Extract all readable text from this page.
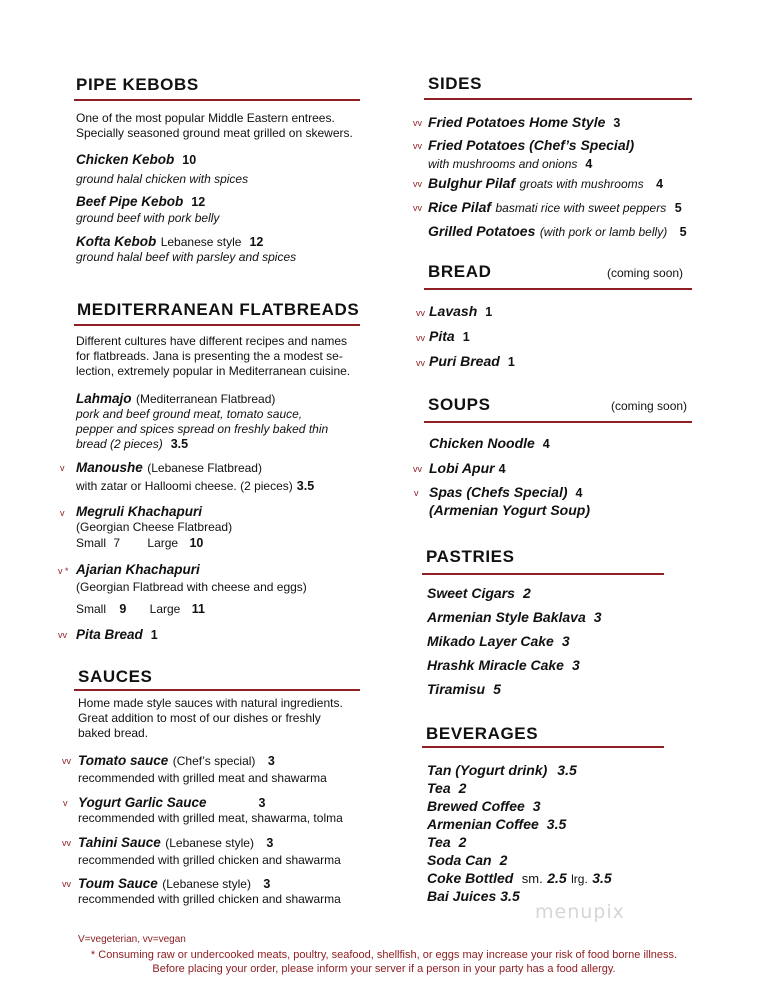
PIPE KEBOBS
One of the most popular Middle Eastern entrees.
Specially seasoned ground meat grilled on skewers.
Chicken Kebob 10
ground halal chicken with spices
Beef Pipe Kebob 12
ground beef with pork belly
Kofta Kebob Lebanese style 12
ground halal beef with parsley and spices
MEDITERRANEAN FLATBREADS
Different cultures have different recipes and names
for flatbreads. Jana is presenting the a modest se-
lection, extremely popular in Mediterranean cuisine.
Lahmajo (Mediterranean Flatbread)
pork and beef ground meat, tomato sauce,
pepper and spices spread on freshly baked thin
bread (2 pieces) 3.5
v Manoushe (Lebanese Flatbread)
with zatar or Halloomi cheese. (2 pieces) 3.5
v Megruli Khachapuri
(Georgian Cheese Flatbread)
Small 7 Large 10
v * Ajarian Khachapuri
(Georgian Flatbread with cheese and eggs)
Small 9 Large 11
vv Pita Bread 1
SAUCES
Home made style sauces with natural ingredients.
Great addition to most of our dishes or freshly
baked bread.
vv Tomato sauce (Chef’s special) 3
recommended with grilled meat and shawarma
v Yogurt Garlic Sauce	3
recommended with grilled meat, shawarma, tolma
vv Tahini Sauce (Lebanese style) 3
recommended with grilled chicken and shawarma
vv Toum Sauce (Lebanese style) 3
recommended with grilled chicken and shawarma
SIDES
vv Fried Potatoes Home Style 3
vv Fried Potatoes (Chef’s Special)
with mushrooms and onions 4
vv Bulghur Pilaf groats with mushrooms 4
vv Rice Pilaf basmati rice with sweet peppers 5
Grilled Potatoes (with pork or lamb belly) 5
BREAD	(coming soon)
vv Lavash 1
vv Pita 1
vv Puri Bread 1
SOUPS	(coming soon)
Chicken Noodle 4
vv Lobi Apur 4
v Spas (Chefs Special) 4
(Armenian Yogurt Soup)
PASTRIES
Sweet Cigars 2
Armenian Style Baklava 3
Mikado Layer Cake 3
Hrashk Miracle Cake 3
Tiramisu 5
BEVERAGES
Tan (Yogurt drink) 3.5
Tea 2
Brewed Coffee 3
Armenian Coffee 3.5
Tea 2
Soda Can 2
Coke Bottled sm. 2.5 lrg. 3.5
Bai Juices 3.5
menupix
V=vegeterian, vv=vegan
* Consuming raw or undercooked meats, poultry, seafood, shellfish, or eggs may increase your risk of food borne illness.
Before placing your order, please inform your server if a person in your party has a food allergy.
